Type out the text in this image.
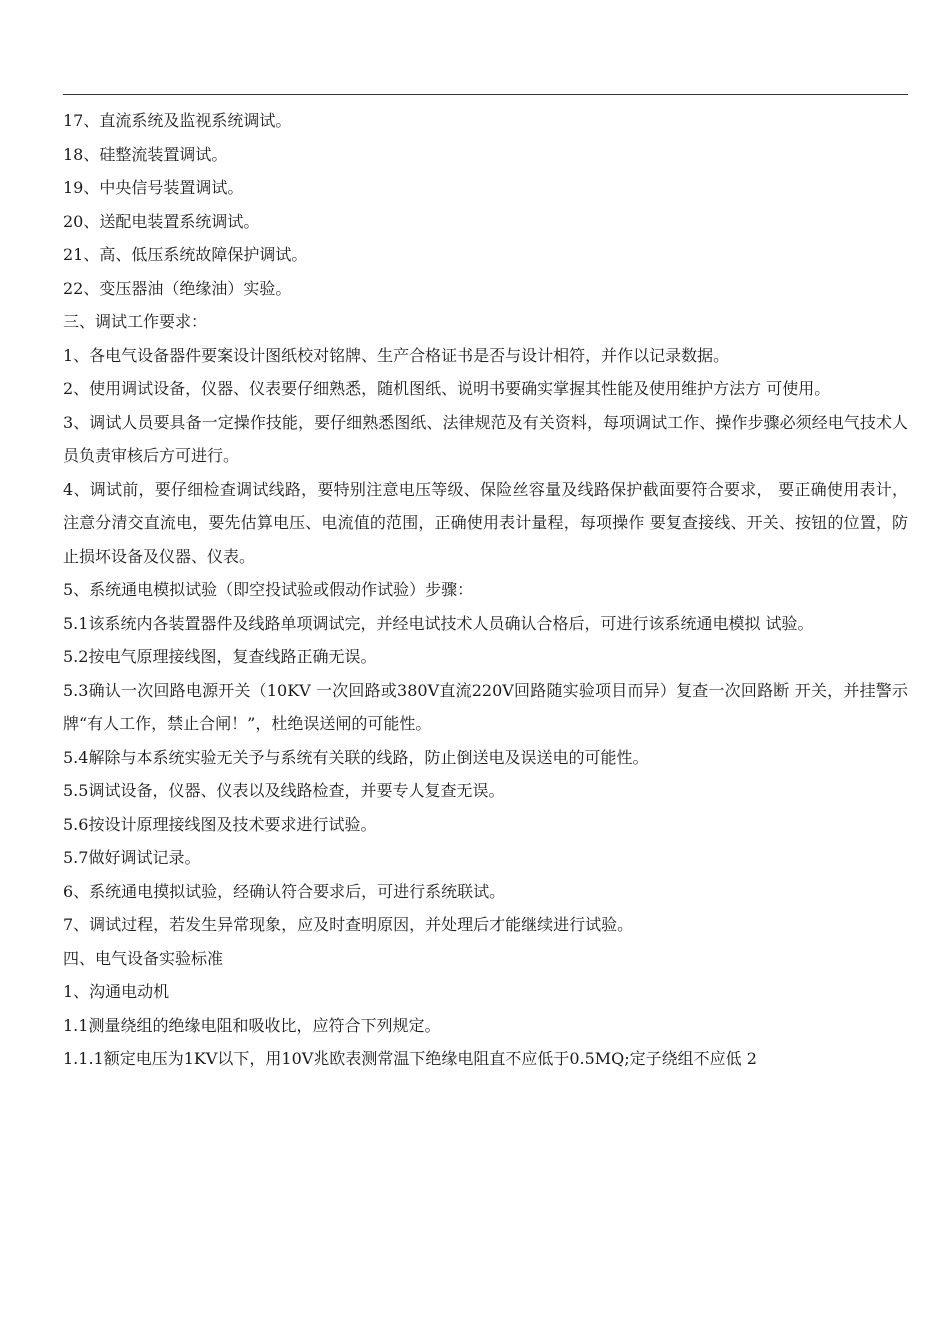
17、直流系统及监视系统调试。

18、硅整流装置调试。

19、中央信号装置调试。

20、送配电装置系统调试。

21、高、低压系统故障保护调试。

22、变压器油（绝缘油）实验。

三、调试工作要求：

1、各电气设备器件要案设计图纸校对铭牌、生产合格证书是否与设计相符，并作以记录数据。

2、使用调试设备，仪器、仪表要仔细熟悉，随机图纸、说明书要确实掌握其性能及使用维护方法方 可使用。

3、调试人员要具备一定操作技能，要仔细熟悉图纸、法律规范及有关资料，每项调试工作、操作步骤必须经电气技术人员负责审核后方可进行。

4、调试前，要仔细检查调试线路，要特别注意电压等级、保险丝容量及线路保护截面要符合要求， 要正确使用表计，注意分清交直流电，要先估算电压、电流值的范围，正确使用表计量程，每项操作 要复查接线、开关、按钮的位置，防止损坏设备及仪器、仪表。

5、系统通电模拟试验（即空投试验或假动作试验）步骤：

5.1该系统内各装置器件及线路单项调试完，并经电试技术人员确认合格后，可进行该系统通电模拟 试验。

5.2按电气原理接线图，复查线路正确无误。

5.3确认一次回路电源开关（10KV 一次回路或380V直流220V回路随实验项目而异）复查一次回路断 开关，并挂警示牌“有人工作，禁止合闸！”，杜绝误送闸的可能性。

5.4解除与本系统实验无关予与系统有关联的线路，防止倒送电及误送电的可能性。

5.5调试设备，仪器、仪表以及线路检查，并要专人复查无误。

5.6按设计原理接线图及技术要求进行试验。

5.7做好调试记录。

6、系统通电摸拟试验，经确认符合要求后，可进行系统联试。

7、调试过程，若发生异常现象，应及时查明原因，并处理后才能继续进行试验。

四、电气设备实验标准

1、沟通电动机

1.1测量绕组的绝缘电阻和吸收比，应符合下列规定。

1.1.1额定电压为1KV以下，用10V兆欧表测常温下绝缘电阻直不应低于0.5MQ;定子绕组不应低 2
